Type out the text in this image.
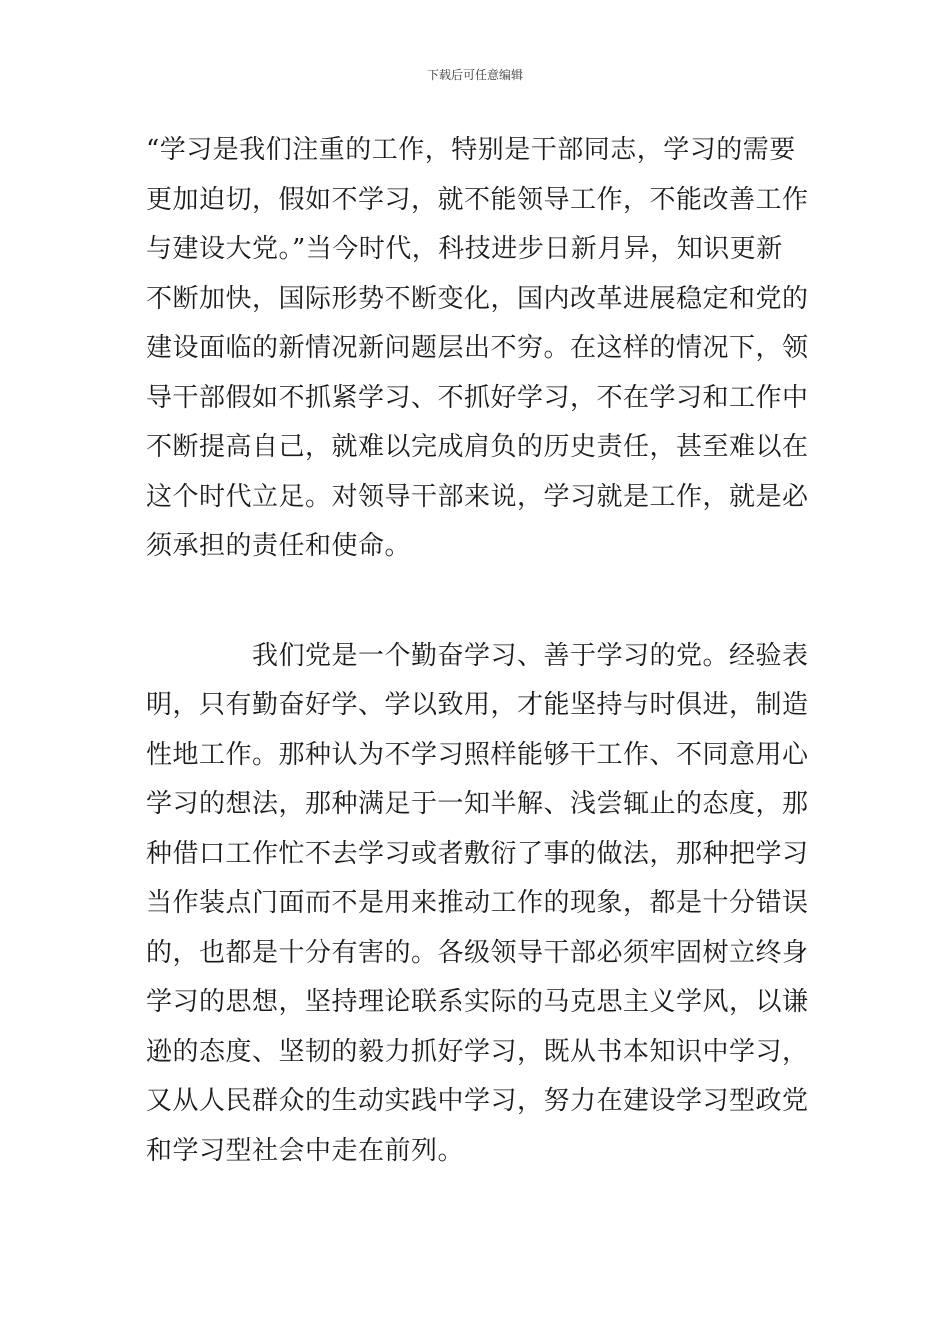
下载后可任意编辑
“学习是我们注重的工作，特别是干部同志，学习的需要
更加迫切，假如不学习，就不能领导工作，不能改善工作
与建设大党。”当今时代，科技进步日新月异，知识更新
不断加快，国际形势不断变化，国内改革进展稳定和党的
建设面临的新情况新问题层出不穷。在这样的情况下，领
导干部假如不抓紧学习、不抓好学习，不在学习和工作中
不断提高自己，就难以完成肩负的历史责任，甚至难以在
这个时代立足。对领导干部来说，学习就是工作，就是必
须承担的责任和使命。
我们党是一个勤奋学习、善于学习的党。经验表
明，只有勤奋好学、学以致用，才能坚持与时俱进，制造
性地工作。那种认为不学习照样能够干工作、不同意用心
学习的想法，那种满足于一知半解、浅尝辄止的态度，那
种借口工作忙不去学习或者敷衍了事的做法，那种把学习
当作装点门面而不是用来推动工作的现象，都是十分错误
的，也都是十分有害的。各级领导干部必须牢固树立终身
学习的思想，坚持理论联系实际的马克思主义学风，以谦
逊的态度、坚韧的毅力抓好学习，既从书本知识中学习，
又从人民群众的生动实践中学习，努力在建设学习型政党
和学习型社会中走在前列。
